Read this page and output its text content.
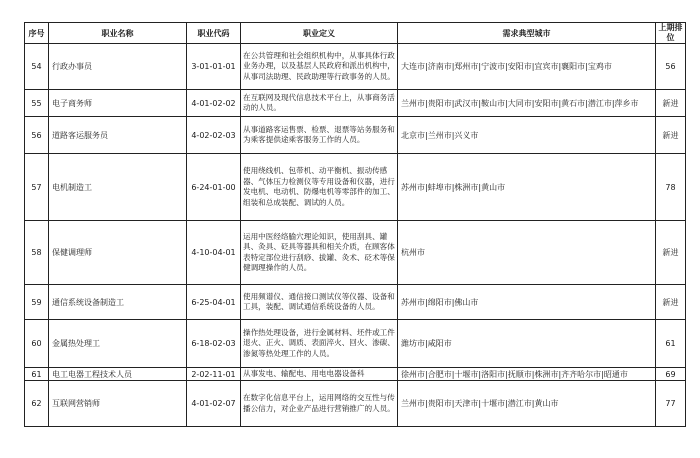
序号	职业名称	职业代码	职业定义	需求典型城市	上期排位
54	行政办事员	3-01-01-01	在公共管理和社会组织机构中，从事具体行政业务办理，以及基层人民政府和派出机构中，从事司法助理、民政助理等行政事务的人员。	大连市|济南市|郑州市|宁波市|安阳市|宜宾市|襄阳市|宝鸡市	56
55	电子商务师	4-01-02-02	在互联网及现代信息技术平台上，从事商务活动的人员。	兰州市|贵阳市|武汉市|鞍山市|大同市|安阳市|黄石市|潜江市|萍乡市	新进
56	道路客运服务员	4-02-02-03	从事道路客运售票、检票、退票等站务服务和为乘客提供途乘客服务工作的人员。	北京市|兰州市|兴义市	新进
57	电机制造工	6-24-01-00	使用绕线机、包带机、动平衡机、振动传感器、气体压力检测仪等专用设备和仪器，进行发电机、电动机、防爆电机等零部件的加工、组装和总成装配、调试的人员。	苏州市|蚌埠市|株洲市|黄山市	78
58	保健调理师	4-10-04-01	运用中医经络腧穴理论知识，使用刮具、罐具、灸具、砭具等器具和相关介质，在顾客体表特定部位进行刮痧、拔罐、灸术、砭术等保健调理操作的人员。	杭州市	新进
59	通信系统设备制造工	6-25-04-01	使用频谱仪、通信接口测试仪等仪器、设备和工具，装配、调试通信系统设备的人员。	苏州市|绵阳市|佛山市	新进
60	金属热处理工	6-18-02-03	操作热处理设备，进行金属材料、坯件或工件退火、正火、调质、表面淬火、回火、渗碳、渗氮等热处理工作的人员。	潍坊市|咸阳市	61
61	电工电器工程技术人员	2-02-11-01	从事发电、输配电、用电电器设备科	徐州市|合肥市|十堰市|洛阳市|抚顺市|株洲市|齐齐哈尔市|昭通市	69
62	互联网营销师	4-01-02-07	在数字化信息平台上，运用网络的交互性与传播公信力，对企业产品进行营销推广的人员。	兰州市|贵阳市|天津市|十堰市|潜江市|黄山市	77
